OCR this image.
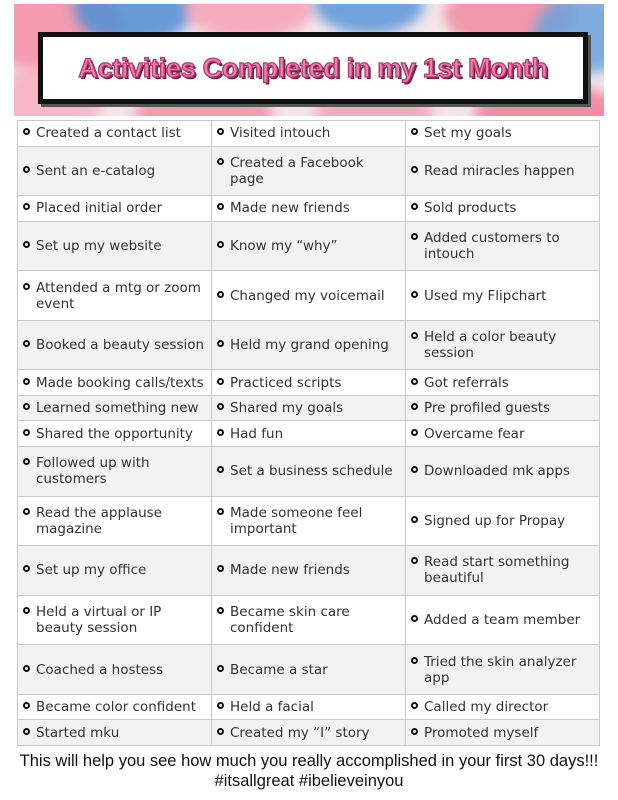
Activities Completed in my 1st Month
Created a contact list	Visited intouch	Set my goals

Sent an e-catalog	Created a Facebook page	Read miracles happen

Placed initial order	Made new friends	Sold products

Set up my website	Know my “why”	Added customers to intouch

Attended a mtg or zoom event	Changed my voicemail	Used my Flipchart

Booked a beauty session	Held my grand opening	Held a color beauty session

Made booking calls/texts	Practiced scripts	Got referrals

Learned something new	Shared my goals	Pre profiled guests

Shared the opportunity	Had fun	Overcame fear

Followed up with customers	Set a business schedule	Downloaded mk apps

Read the applause magazine	Made someone feel important	Signed up for Propay

Set up my office	Made new friends	Read start something beautiful

Held a virtual or IP beauty session	Became skin care confident	Added a team member

Coached a hostess	Became a star	Tried the skin analyzer app

Became color confident	Held a facial	Called my director

Started mku	Created my “I” story	Promoted myself
This will help you see how much you really accomplished in your first 30 days!!!
#itsallgreat #ibelieveinyou
